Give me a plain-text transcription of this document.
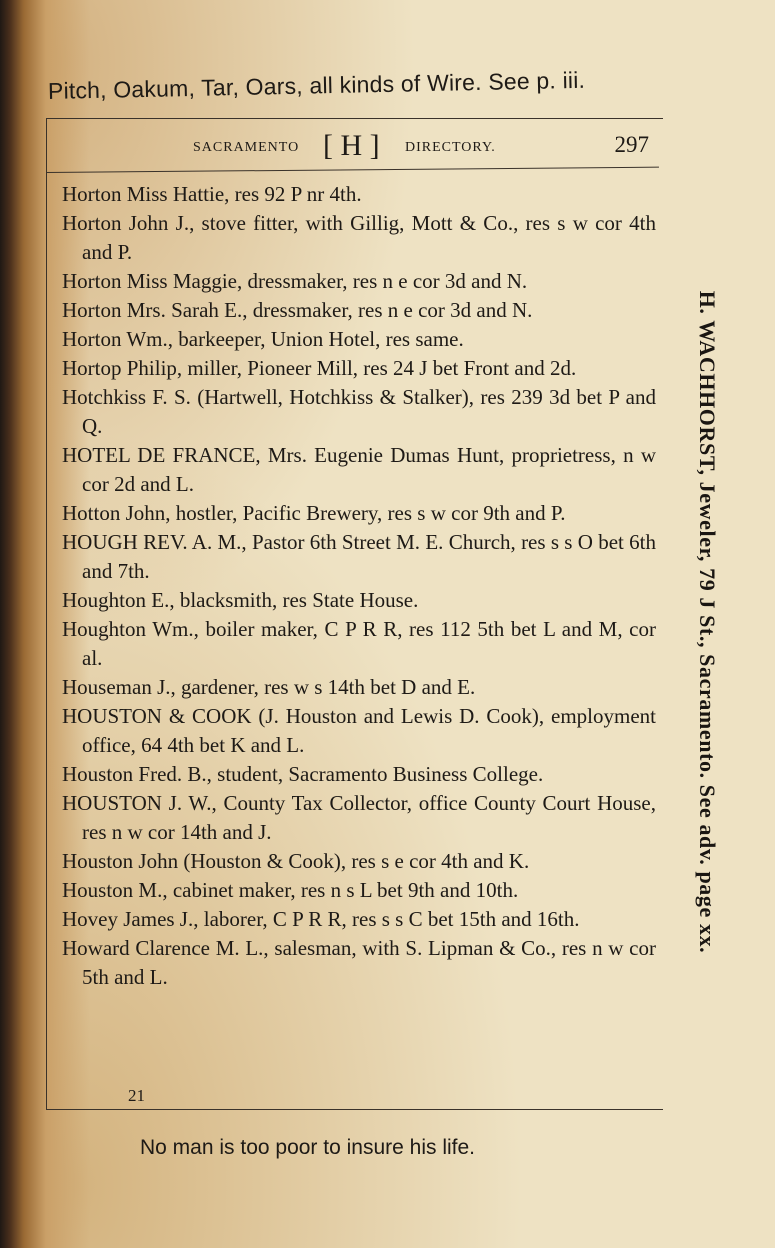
Pitch, Oakum, Tar, Oars, all kinds of Wire. See p. iii.
SACRAMENTO [ H ] DIRECTORY.	297
Horton Miss Hattie, res 92 P nr 4th.
Horton John J., stove fitter, with Gillig, Mott & Co., res s w cor 4th and P.
Horton Miss Maggie, dressmaker, res n e cor 3d and N.
Horton Mrs. Sarah E., dressmaker, res n e cor 3d and N.
Horton Wm., barkeeper, Union Hotel, res same.
Hortop Philip, miller, Pioneer Mill, res 24 J bet Front and 2d.
Hotchkiss F. S. (Hartwell, Hotchkiss & Stalker), res 239 3d bet P and Q.
HOTEL DE FRANCE, Mrs. Eugenie Dumas Hunt, proprietress, n w cor 2d and L.
Hotton John, hostler, Pacific Brewery, res s w cor 9th and P.
HOUGH REV. A. M., Pastor 6th Street M. E. Church, res s s O bet 6th and 7th.
Houghton E., blacksmith, res State House.
Houghton Wm., boiler maker, C P R R, res 112 5th bet L and M, cor al.
Houseman J., gardener, res w s 14th bet D and E.
HOUSTON & COOK (J. Houston and Lewis D. Cook), employment office, 64 4th bet K and L.
Houston Fred. B., student, Sacramento Business College.
HOUSTON J. W., County Tax Collector, office County Court House, res n w cor 14th and J.
Houston John (Houston & Cook), res s e cor 4th and K.
Houston M., cabinet maker, res n s L bet 9th and 10th.
Hovey James J., laborer, C P R R, res s s C bet 15th and 16th.
Howard Clarence M. L., salesman, with S. Lipman & Co., res n w cor 5th and L.
21
No man is too poor to insure his life.
H. WACHHORST, Jeweler, 79 J St., Sacramento. See adv. page xx.
